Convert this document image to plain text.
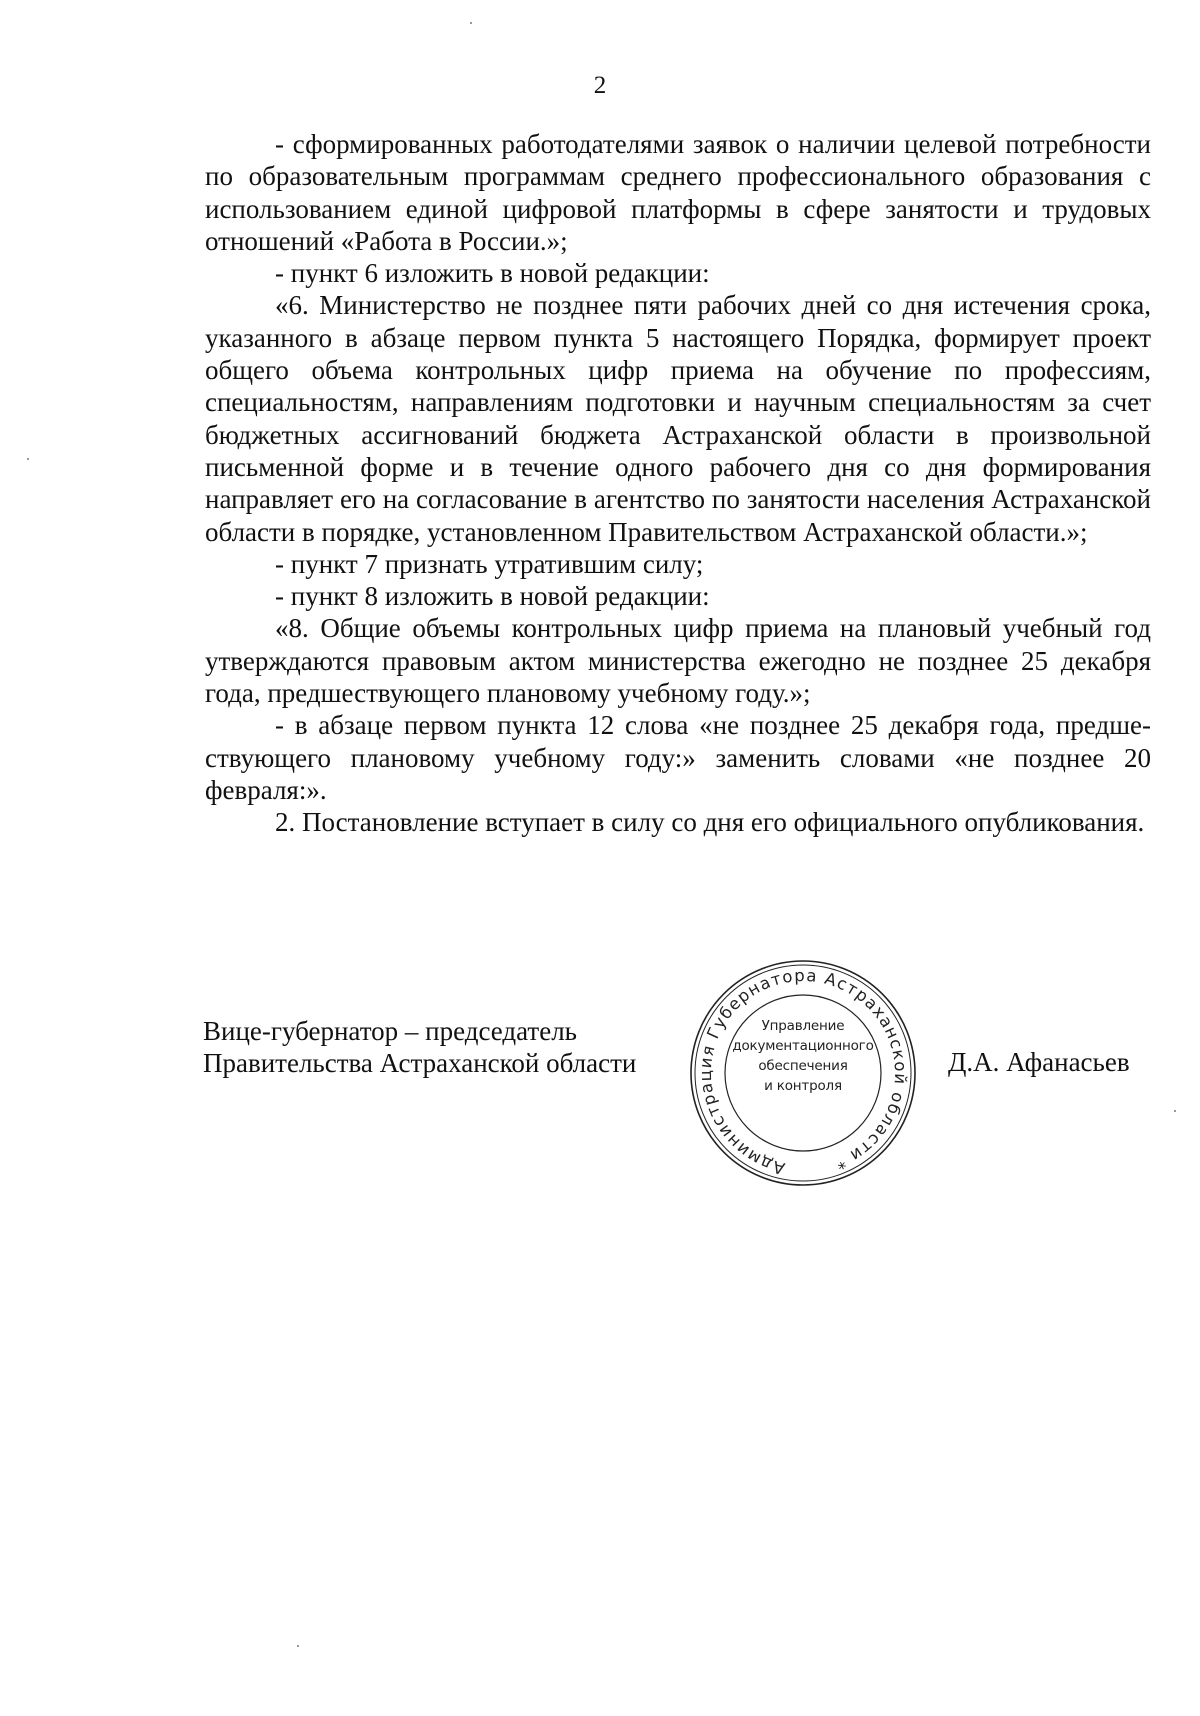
2

- сформированных работодателями заявок о наличии целевой потребности по образовательным программам среднего профессионального образования с использованием единой цифровой платформы в сфере занятости и трудовых отношений «Работа в России.»;

- пункт 6 изложить в новой редакции:

«6. Министерство не позднее пяти рабочих дней со дня истечения срока, указанного в абзаце первом пункта 5 настоящего Порядка, формирует проект общего объема контрольных цифр приема на обучение по профессиям, специальностям, направлениям подготовки и научным специальностям за счет бюджетных ассигнований бюджета Астраханской области в произвольной письменной форме и в течение одного рабочего дня со дня формирования направляет его на согласование в агентство по занятости населения Астраханской области в порядке, установленном Правительством Астраханской области.»;

- пункт 7 признать утратившим силу;

- пункт 8 изложить в новой редакции:

«8. Общие объемы контрольных цифр приема на плановый учебный год утверждаются правовым актом министерства ежегодно не позднее 25 декабря года, предшествующего плановому учебному году.»;

- в абзаце первом пункта 12 слова «не позднее 25 декабря года, предшествующего плановому учебному году:» заменить словами «не позднее 20 февраля:».

2. Постановление вступает в силу со дня его официального опубликования.

Вице-губернатор – председатель
Правительства Астраханской области
Администрация Губернатора Астраханской области *
Управление
документационного
обеспечения
и контроля
Д.А. Афанасьев
